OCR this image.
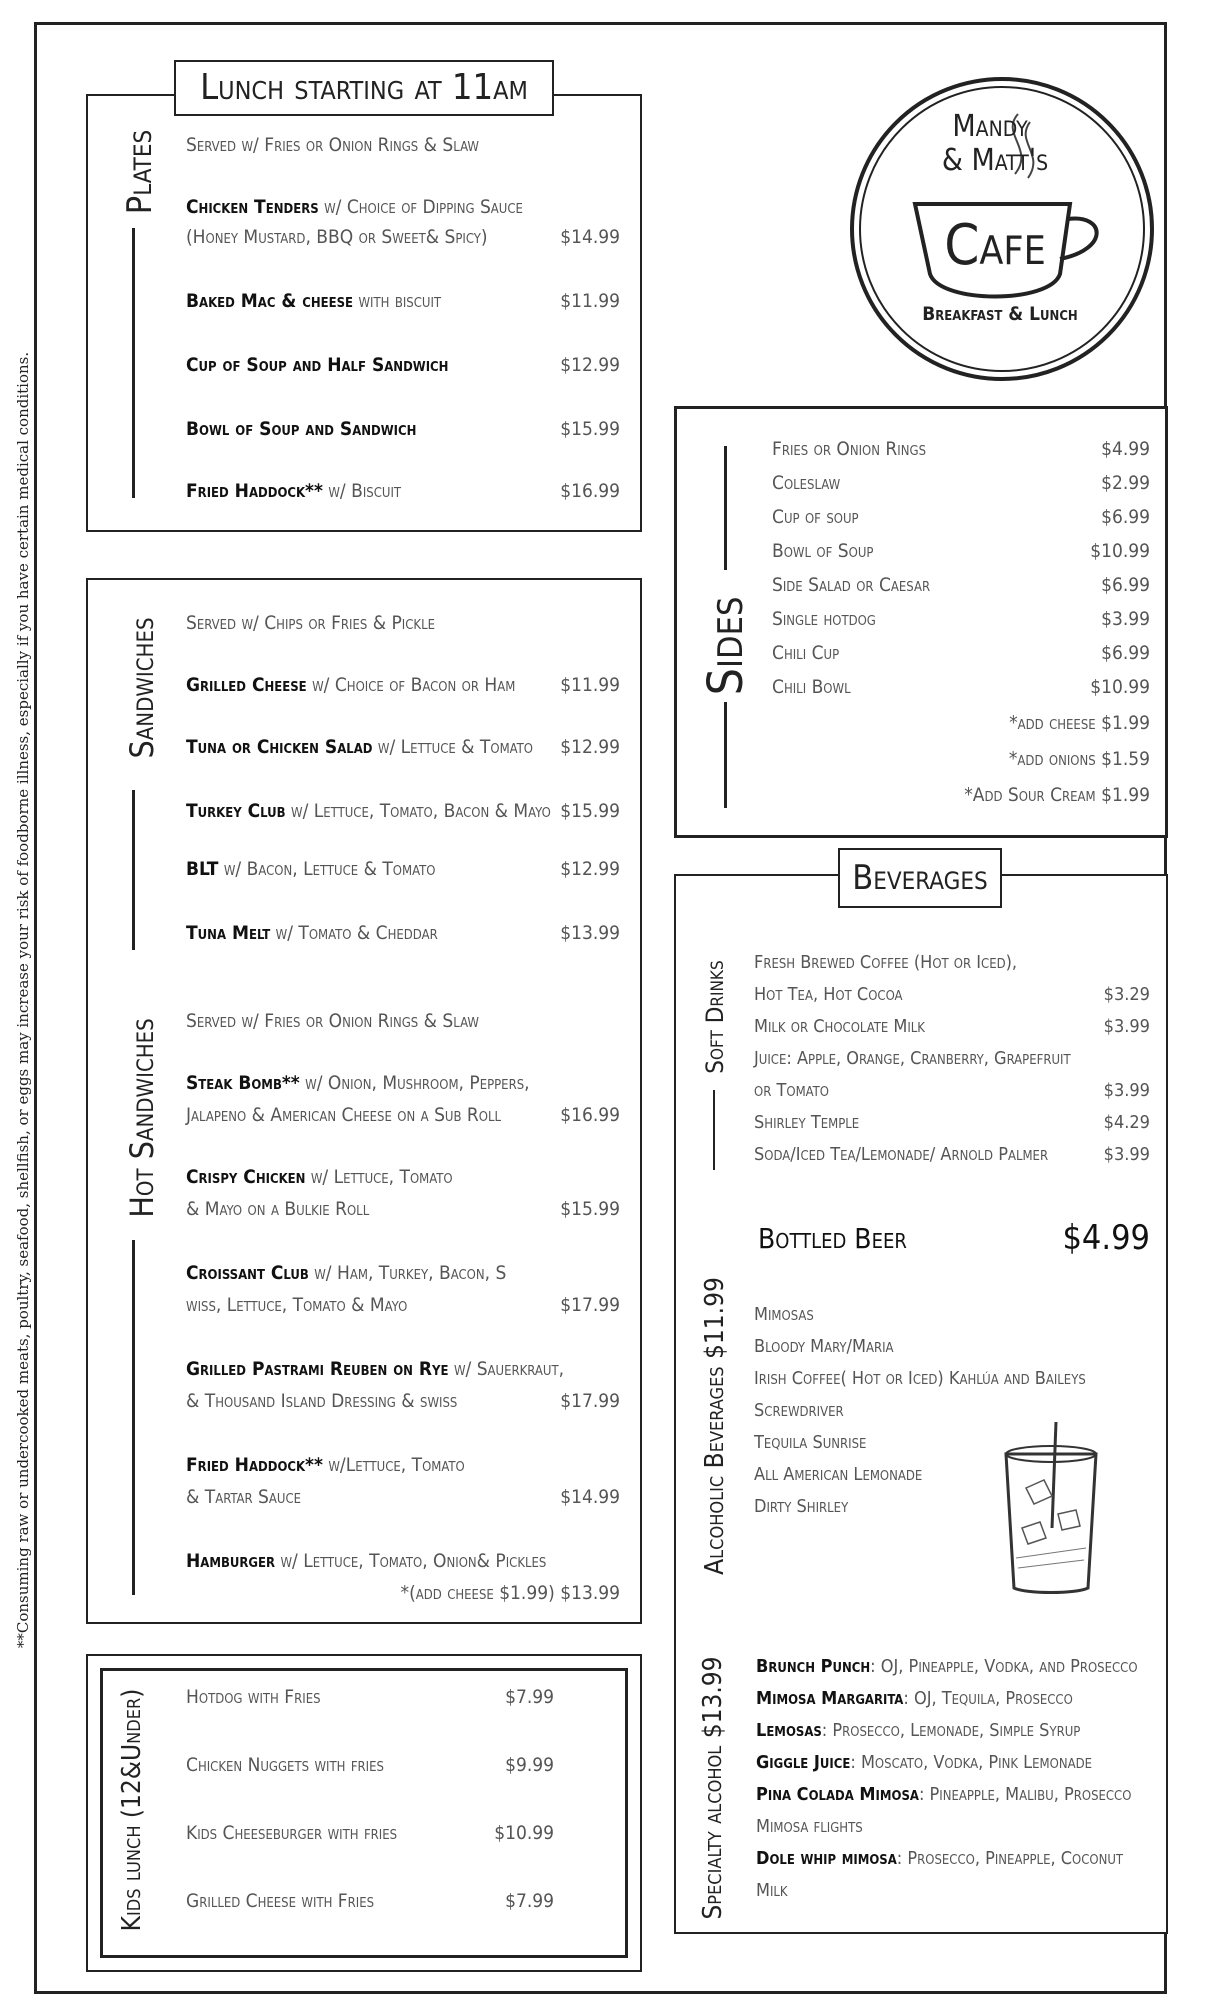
**Consuming raw or undercooked meats, poultry, seafood, shellfish, or eggs may increase your risk of foodborne illness, especially if you have certain medical conditions.
Mandy
& Matt's
Cafe
Breakfast & Lunch
Lunch starting at 11am
Plates Served w/ Fries or Onion Rings & Slaw
Chicken Tenders w/ Choice of Dipping Sauce
(Honey Mustard, BBQ or Sweet& Spicy)	$14.99
Baked Mac & cheese with biscuit	$11.99
Cup of Soup and Half Sandwich	$12.99
Bowl of Soup and Sandwich	$15.99
Fried Haddock** w/ Biscuit	$16.99
Sandwiches Served w/ Chips or Fries & Pickle
Grilled Cheese w/ Choice of Bacon or Ham	$11.99
Tuna or Chicken Salad w/ Lettuce & Tomato	$12.99
Turkey Club w/ Lettuce, Tomato, Bacon & Mayo $15.99
BLT w/ Bacon, Lettuce & Tomato	$12.99
Tuna Melt w/ Tomato & Cheddar	$13.99
Hot Sandwiches Served w/ Fries or Onion Rings & Slaw
Steak Bomb** w/ Onion, Mushroom, Peppers,
Jalapeno & American Cheese on a Sub Roll	$16.99
Crispy Chicken w/ Lettuce, Tomato
& Mayo on a Bulkie Roll	$15.99
Croissant Club w/ Ham, Turkey, Bacon, S
wiss, Lettuce, Tomato & Mayo	$17.99
Grilled Pastrami Reuben on Rye w/ Sauerkraut,
& Thousand Island Dressing & swiss	$17.99
Fried Haddock** w/Lettuce, Tomato
& Tartar Sauce	$14.99
Hamburger w/ Lettuce, Tomato, Onion& Pickles
*(add cheese $1.99) $13.99
Kids lunch (12&Under) Hotdog with Fries	$7.99
Chicken Nuggets with fries	$9.99
Kids Cheeseburger with fries	$10.99
Grilled Cheese with Fries	$7.99
Sides
Fries or Onion Rings	$4.99
Coleslaw	$2.99
Cup of soup	$6.99
Bowl of Soup	$10.99
Side Salad or Caesar	$6.99
Single hotdog	$3.99
Chili Cup	$6.99
Chili Bowl	$10.99
*add cheese $1.99
*add onions $1.59
*Add Sour Cream $1.99
Beverages
Soft Drinks Fresh Brewed Coffee (Hot or Iced),
Hot Tea, Hot Cocoa	$3.29
Milk or Chocolate Milk	$3.99
Juice: Apple, Orange, Cranberry, Grapefruit
or Tomato	$3.99
Shirley Temple	$4.29
Soda/Iced Tea/Lemonade/ Arnold Palmer	$3.99
Bottled Beer	$4.99
Alcoholic Beverages $11.99 Mimosas
Bloody Mary/Maria
Irish Coffee( Hot or Iced) Kahlúa and Baileys
Screwdriver
Tequila Sunrise
All American Lemonade
Dirty Shirley
Specialty alcohol $13.99 Brunch Punch: OJ, Pineapple, Vodka, and Prosecco
Mimosa Margarita: OJ, Tequila, Prosecco
Lemosas: Prosecco, Lemonade, Simple Syrup
Giggle Juice: Moscato, Vodka, Pink Lemonade
Pina Colada Mimosa: Pineapple, Malibu, Prosecco
Mimosa flights
Dole whip mimosa: Prosecco, Pineapple, Coconut
Milk
